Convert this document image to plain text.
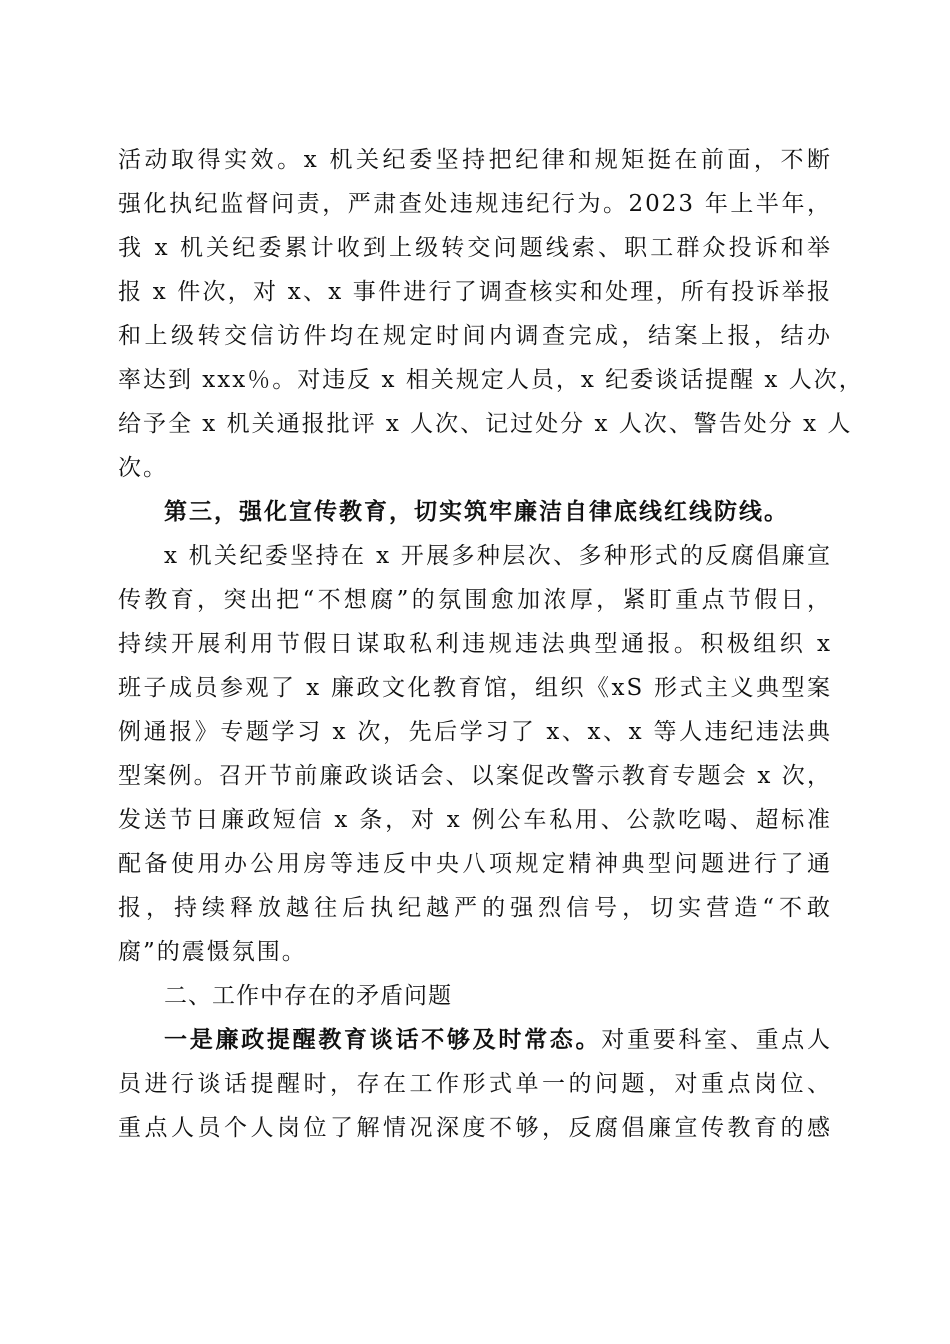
活动取得实效。x 机关纪委坚持把纪律和规矩挺在前面，不断
强化执纪监督问责，严肃查处违规违纪行为。2023 年上半年，
我 x 机关纪委累计收到上级转交问题线索、职工群众投诉和举
报 x 件次，对 x、x 事件进行了调查核实和处理，所有投诉举报
和上级转交信访件均在规定时间内调查完成，结案上报，结办
率达到 xxx％。对违反 x 相关规定人员，x 纪委谈话提醒 x 人次，
给予全 x 机关通报批评 x 人次、记过处分 x 人次、警告处分 x 人
次。
第三，强化宣传教育，切实筑牢廉洁自律底线红线防线。
x 机关纪委坚持在 x 开展多种层次、多种形式的反腐倡廉宣
传教育，突出把“不想腐”的氛围愈加浓厚，紧盯重点节假日，
持续开展利用节假日谋取私利违规违法典型通报。积极组织 x
班子成员参观了 x 廉政文化教育馆，组织《xS 形式主义典型案
例通报》专题学习 x 次，先后学习了 x、x、x 等人违纪违法典
型案例。召开节前廉政谈话会、以案促改警示教育专题会 x 次，
发送节日廉政短信 x 条，对 x 例公车私用、公款吃喝、超标准
配备使用办公用房等违反中央八项规定精神典型问题进行了通
报，持续释放越往后执纪越严的强烈信号，切实营造“不敢
腐”的震慑氛围。
二、工作中存在的矛盾问题
一是廉政提醒教育谈话不够及时常态。对重要科室、重点人
员进行谈话提醒时，存在工作形式单一的问题，对重点岗位、
重点人员个人岗位了解情况深度不够，反腐倡廉宣传教育的感
